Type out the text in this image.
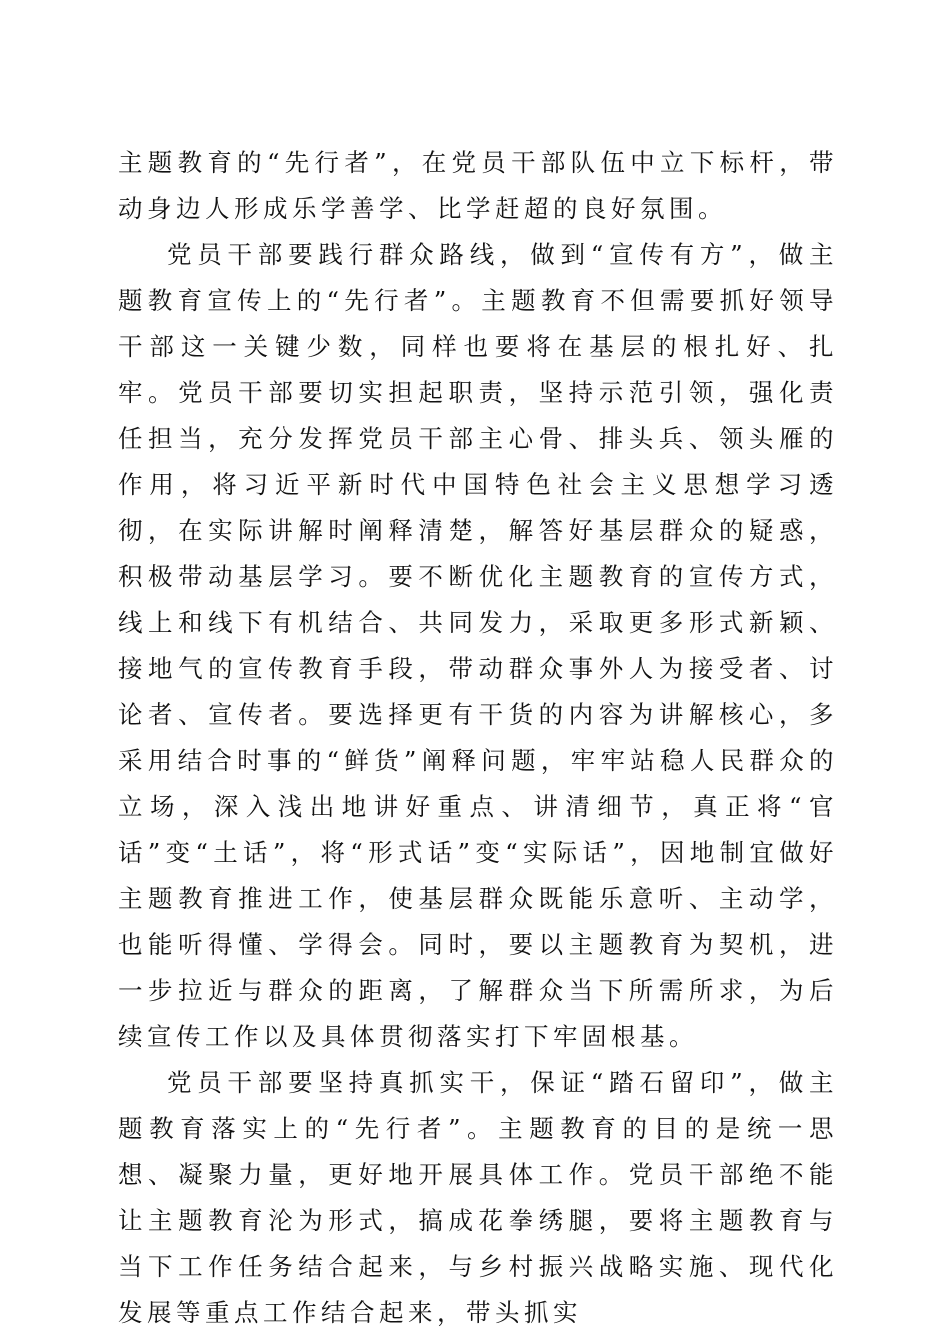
主题教育的“先行者”，在党员干部队伍中立下标杆，带动身边人形成乐学善学、比学赶超的良好氛围。

党员干部要践行群众路线，做到“宣传有方”，做主题教育宣传上的“先行者”。主题教育不但需要抓好领导干部这一关键少数，同样也要将在基层的根扎好、扎牢。党员干部要切实担起职责，坚持示范引领，强化责任担当，充分发挥党员干部主心骨、排头兵、领头雁的作用，将习近平新时代中国特色社会主义思想学习透彻，在实际讲解时阐释清楚，解答好基层群众的疑惑，积极带动基层学习。要不断优化主题教育的宣传方式，线上和线下有机结合、共同发力，采取更多形式新颖、接地气的宣传教育手段，带动群众事外人为接受者、讨论者、宣传者。要选择更有干货的内容为讲解核心，多采用结合时事的“鲜货”阐释问题，牢牢站稳人民群众的立场，深入浅出地讲好重点、讲清细节，真正将“官话”变“土话”，将“形式话”变“实际话”，因地制宜做好主题教育推进工作，使基层群众既能乐意听、主动学，也能听得懂、学得会。同时，要以主题教育为契机，进一步拉近与群众的距离，了解群众当下所需所求，为后续宣传工作以及具体贯彻落实打下牢固根基。

党员干部要坚持真抓实干，保证“踏石留印”，做主题教育落实上的“先行者”。主题教育的目的是统一思想、凝聚力量，更好地开展具体工作。党员干部绝不能让主题教育沦为形式，搞成花拳绣腿，要将主题教育与当下工作任务结合起来，与乡村振兴战略实施、现代化发展等重点工作结合起来，带头抓实
